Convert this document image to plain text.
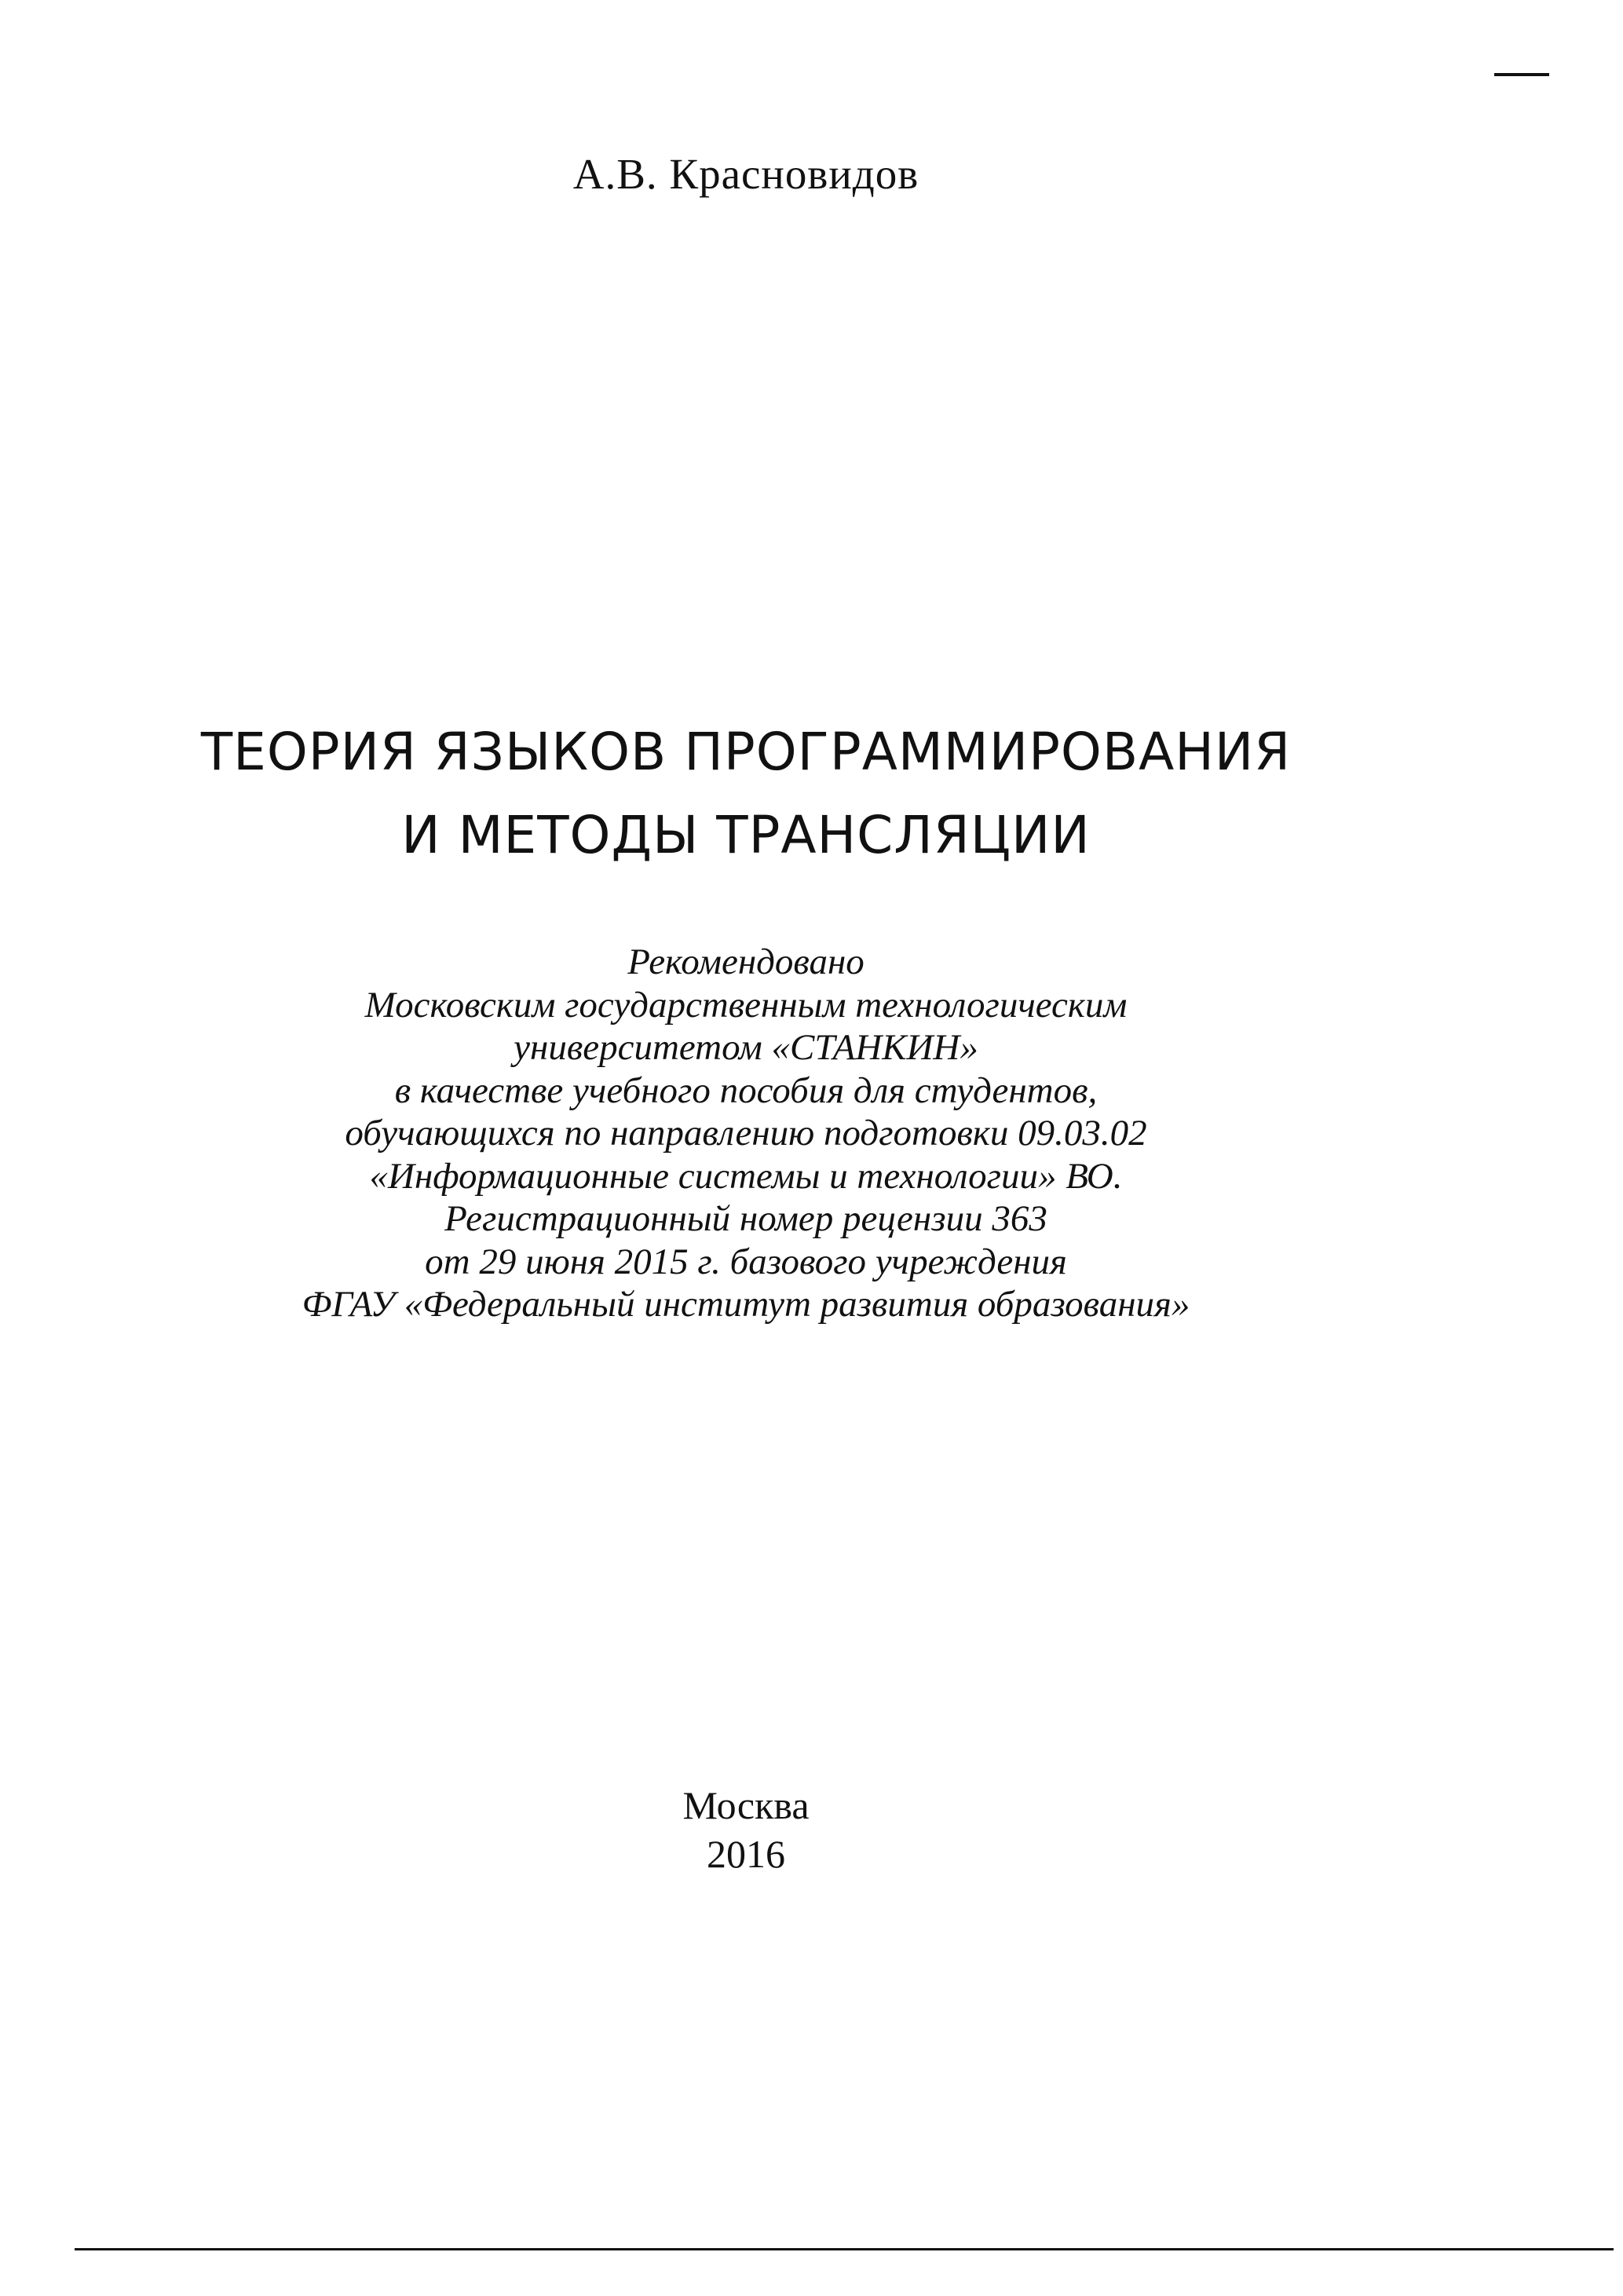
А.В. Красновидов
ТЕОРИЯ ЯЗЫКОВ ПРОГРАММИРОВАНИЯ
И МЕТОДЫ ТРАНСЛЯЦИИ
Рекомендовано
Московским государственным технологическим
университетом «СТАНКИН»
в качестве учебного пособия для студентов,
обучающихся по направлению подготовки 09.03.02
«Информационные системы и технологии» ВО.
Регистрационный номер рецензии 363
от 29 июня 2015 г. базового учреждения
ФГАУ «Федеральный институт развития образования»
Москва
2016
